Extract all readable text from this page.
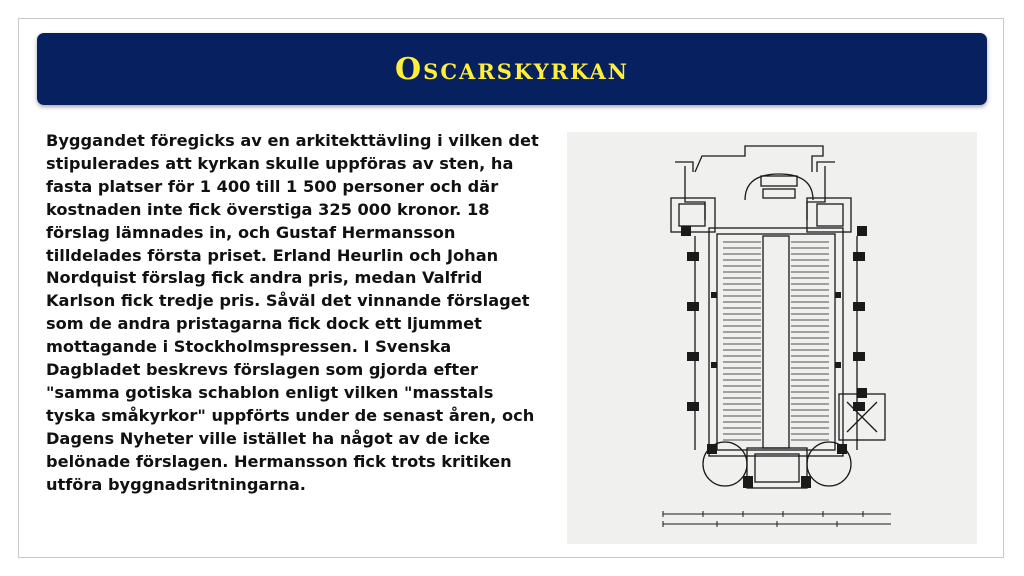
Oscarskyrkan

Byggandet föregicks av en arkitekttävling i vilken det stipulerades att kyrkan skulle uppföras av sten, ha fasta platser för 1 400 till 1 500 personer och där kostnaden inte fick överstiga 325 000 kronor. 18 förslag lämnades in, och Gustaf Hermansson tilldelades första priset. Erland Heurlin och Johan Nordquist förslag fick andra pris, medan Valfrid Karlson fick tredje pris. Såväl det vinnande förslaget som de andra pristagarna fick dock ett ljummet mottagande i Stockholmspressen. I Svenska Dagbladet beskrevs förslagen som gjorda efter "samma gotiska schablon enligt vilken "masstals tyska småkyrkor" uppförts under de senast åren, och Dagens Nyheter ville istället ha något av de icke belönade förslagen. Hermansson fick trots kritiken utföra byggnadsritningarna.
